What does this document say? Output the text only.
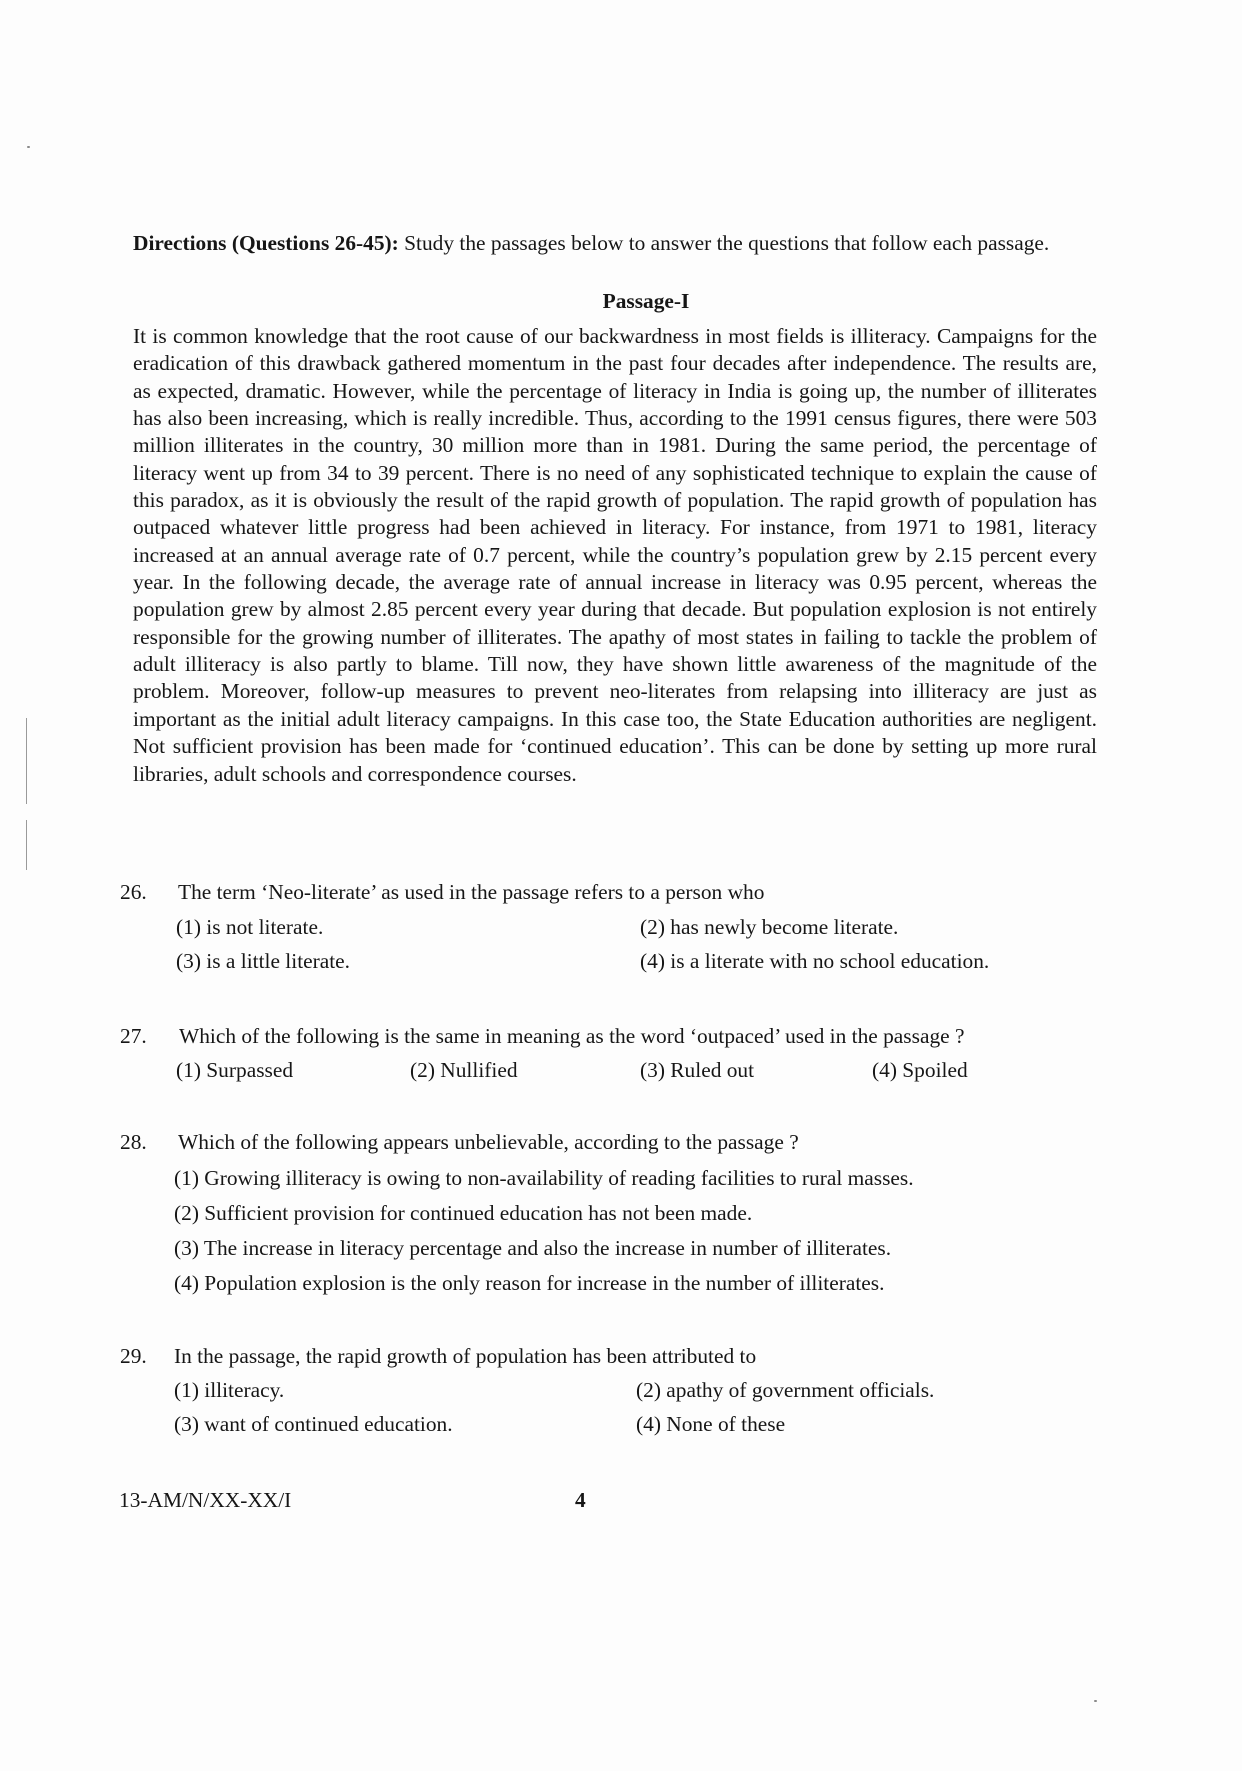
Directions (Questions 26-45): Study the passages below to answer the questions that follow each passage.

Passage-I

It is common knowledge that the root cause of our backwardness in most fields is illiteracy. Campaigns for the eradication of this drawback gathered momentum in the past four decades after independence. The results are, as expected, dramatic. However, while the percentage of literacy in India is going up, the number of illiterates has also been increasing, which is really incredible. Thus, according to the 1991 census figures, there were 503 million illiterates in the country, 30 million more than in 1981. During the same period, the percentage of literacy went up from 34 to 39 percent. There is no need of any sophisticated technique to explain the cause of this paradox, as it is obviously the result of the rapid growth of population. The rapid growth of population has outpaced whatever little progress had been achieved in literacy. For instance, from 1971 to 1981, literacy increased at an annual average rate of 0.7 percent, while the country’s population grew by 2.15 percent every year. In the following decade, the average rate of annual increase in literacy was 0.95 percent, whereas the population grew by almost 2.85 percent every year during that decade. But population explosion is not entirely responsible for the growing number of illiterates. The apathy of most states in failing to tackle the problem of adult illiteracy is also partly to blame. Till now, they have shown little awareness of the magnitude of the problem. Moreover, follow-up measures to prevent neo-literates from relapsing into illiteracy are just as important as the initial adult literacy campaigns. In this case too, the State Education authorities are negligent. Not sufficient provision has been made for ‘continued education’. This can be done by setting up more rural libraries, adult schools and correspondence courses.

26. The term ‘Neo-literate’ as used in the passage refers to a person who
(1) is not literate.	(2) has newly become literate.
(3) is a little literate.	(4) is a literate with no school education.
27. Which of the following is the same in meaning as the word ‘outpaced’ used in the passage ?
(1) Surpassed	(2) Nullified	(3) Ruled out	(4) Spoiled
28. Which of the following appears unbelievable, according to the passage ?
(1) Growing illiteracy is owing to non-availability of reading facilities to rural masses.
(2) Sufficient provision for continued education has not been made.
(3) The increase in literacy percentage and also the increase in number of illiterates.
(4) Population explosion is the only reason for increase in the number of illiterates.
29. In the passage, the rapid growth of population has been attributed to
(1) illiteracy.	(2) apathy of government officials.
(3) want of continued education.	(4) None of these
13-AM/N/XX-XX/I	4
